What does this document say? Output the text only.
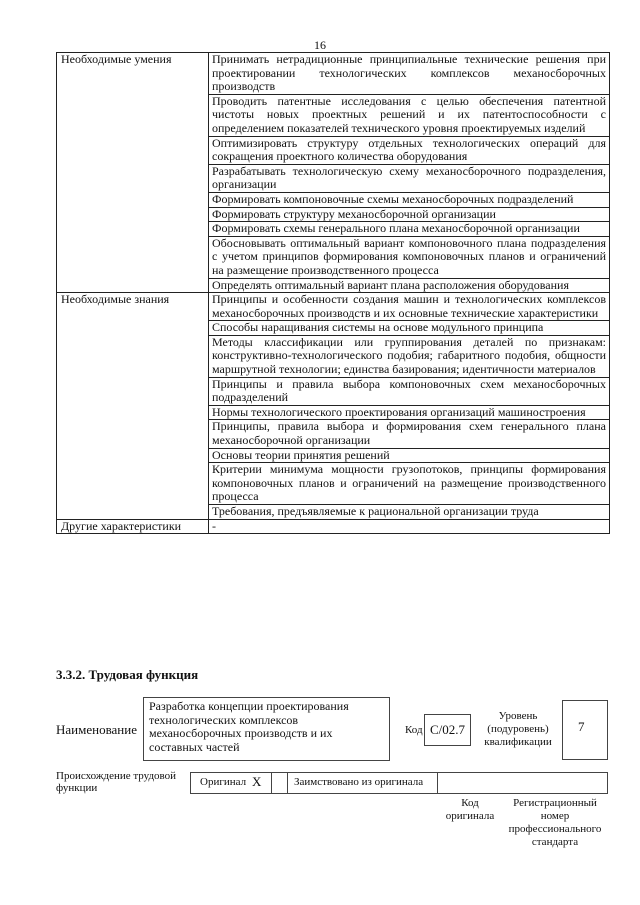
16
Необходимые умения	Принимать нетрадиционные принципиальные технические решения при проектировании технологических комплексов механосборочных производств
	Проводить патентные исследования с целью обеспечения патентной чистоты новых проектных решений и их патентоспособности с определением показателей технического уровня проектируемых изделий
	Оптимизировать структуру отдельных технологических операций для сокращения проектного количества оборудования
	Разрабатывать технологическую схему механосборочного подразделения, организации
	Формировать компоновочные схемы механосборочных подразделений
	Формировать структуру механосборочной организации
	Формировать схемы генерального плана механосборочной организации
	Обосновывать оптимальный вариант компоновочного плана подразделения с учетом принципов формирования компоновочных планов и ограничений на размещение производственного процесса
	Определять оптимальный вариант плана расположения оборудования
Необходимые знания	Принципы и особенности создания машин и технологических комплексов механосборочных производств и их основные технические характеристики
	Способы наращивания системы на основе модульного принципа
	Методы классификации или группирования деталей по признакам: конструктивно-технологического подобия; габаритного подобия, общности маршрутной технологии; единства базирования; идентичности материалов
	Принципы и правила выбора компоновочных схем механосборочных подразделений
	Нормы технологического проектирования организаций машиностроения
	Принципы, правила выбора и формирования схем генерального плана механосборочной организации
	Основы теории принятия решений
	Критерии минимума мощности грузопотоков, принципы формирования компоновочных планов и ограничений на размещение производственного процесса
	Требования, предъявляемые к рациональной организации труда
Другие характеристики	-
3.3.2. Трудовая функция
Наименование
Разработка концепции проектирования технологических комплексов механосборочных производств и их составных частей
Код C/02.7
Уровень (подуровень) квалификации
7
Происхождение трудовой функции	Оригинал X	Заимствовано из оригинала
Код оригинала
Регистрационный номер профессионального стандарта
